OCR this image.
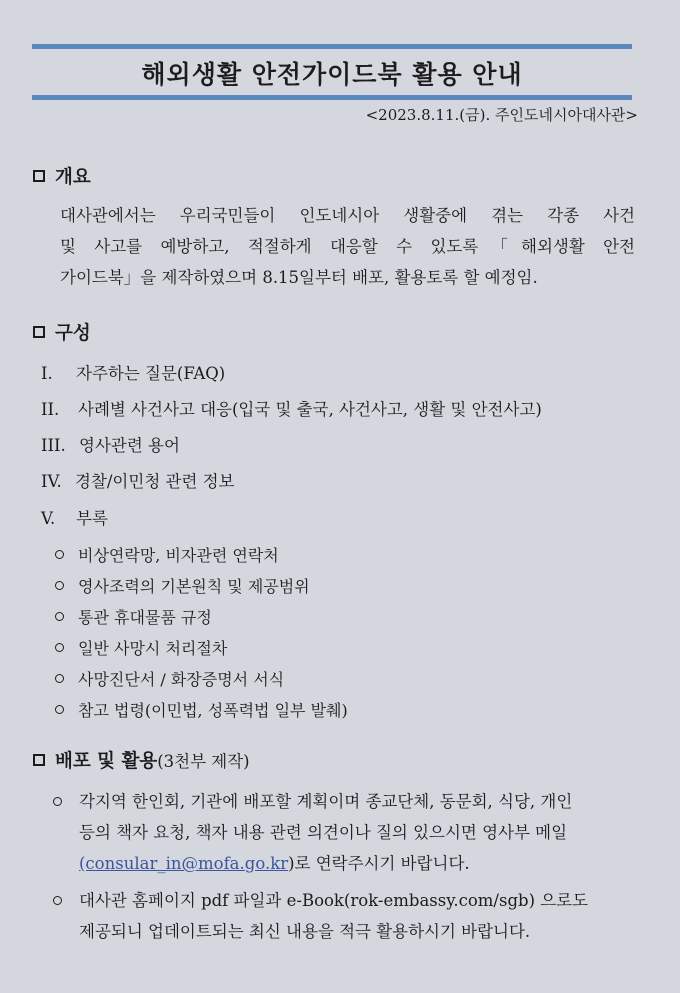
해외생활 안전가이드북 활용 안내
<2023.8.11.(금). 주인도네시아대사관>
개요
대사관에서는 우리국민들이 인도네시아 생활중에 겪는 각종 사건
및 사고를 예방하고, 적절하게 대응할 수 있도록「해외생활 안전
가이드북」을 제작하였으며 8.15일부터 배포, 활용토록 할 예정임.
구성
I. 자주하는 질문(FAQ)
II. 사례별 사건사고 대응(입국 및 출국, 사건사고, 생활 및 안전사고)
III. 영사관련 용어
IV. 경찰/이민청 관련 정보
V. 부록
비상연락망, 비자관련 연락처
영사조력의 기본원칙 및 제공범위
통관 휴대물품 규정
일반 사망시 처리절차
사망진단서 / 화장증명서 서식
참고 법령(이민법, 성폭력법 일부 발췌)
배포 및 활용 (3천부 제작)
각지역 한인회, 기관에 배포할 계획이며 종교단체, 동문회, 식당, 개인
등의 책자 요청, 책자 내용 관련 의견이나 질의 있으시면 영사부 메일
(consular_in@mofa.go.kr)로 연락주시기 바랍니다.
대사관 홈페이지 pdf 파일과 e-Book(rok-embassy.com/sgb) 으로도
제공되니 업데이트되는 최신 내용을 적극 활용하시기 바랍니다.
